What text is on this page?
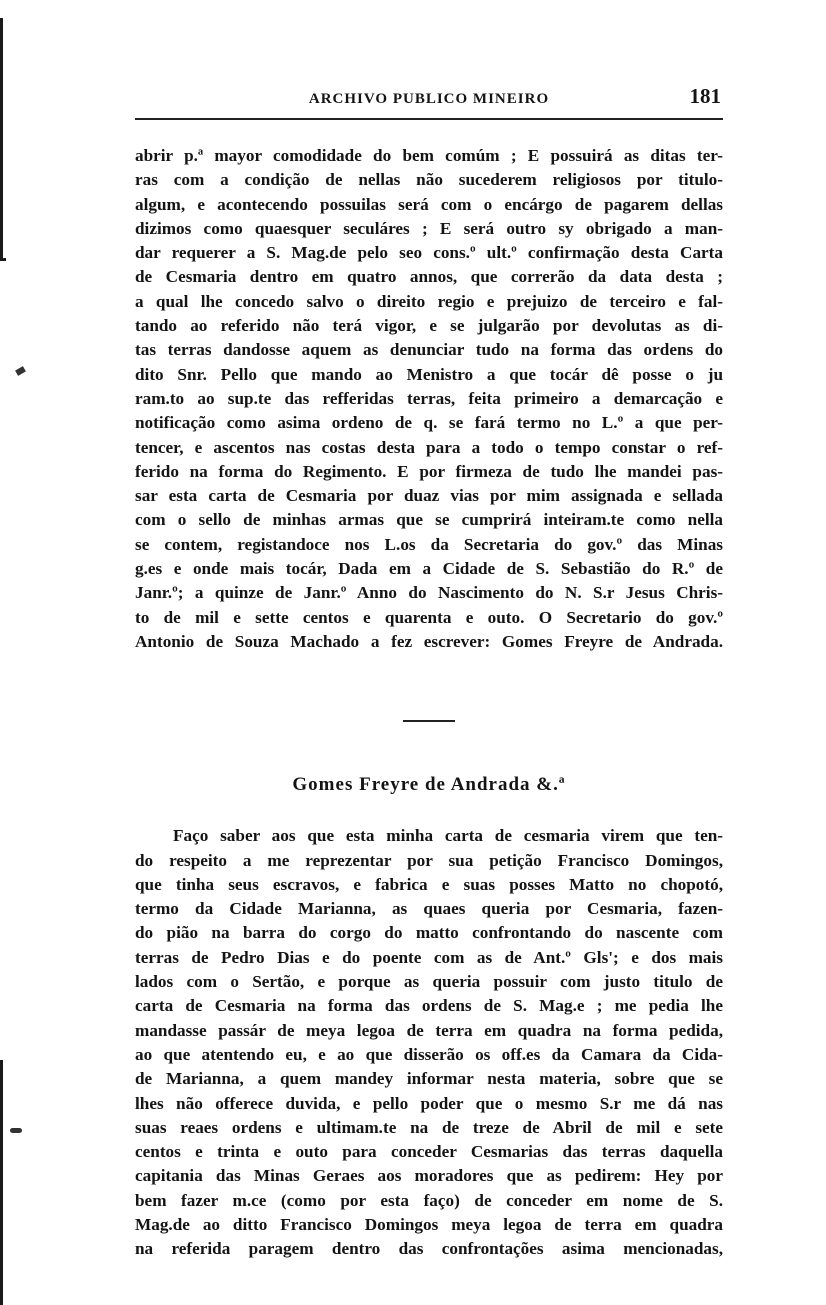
ARCHIVO PUBLICO MINEIRO	181
abrir p.ª mayor comodidade do bem comúm ; E possuirá as ditas ter-
ras com a condição de nellas não sucederem religiosos por titulo-
algum, e acontecendo possuilas será com o encárgo de pagarem dellas
dizimos como quaesquer seculáres ; E será outro sy obrigado a man-
dar requerer a S. Mag.de pelo seo cons.º ult.º confirmação desta Carta
de Cesmaria dentro em quatro annos, que correrão da data desta ;
a qual lhe concedo salvo o direito regio e prejuizo de terceiro e fal-
tando ao referido não terá vigor, e se julgarão por devolutas as di-
tas terras dandosse aquem as denunciar tudo na forma das ordens do
dito Snr. Pello que mando ao Menistro a que tocár dê posse o ju
ram.to ao sup.te das refferidas terras, feita primeiro a demarcação e
notificação como asima ordeno de q. se fará termo no L.º a que per-
tencer, e ascentos nas costas desta para a todo o tempo constar o ref-
ferido na forma do Regimento. E por firmeza de tudo lhe mandei pas-
sar esta carta de Cesmaria por duaz vias por mim assignada e sellada
com o sello de minhas armas que se cumprirá inteiram.te como nella
se contem, registandoce nos L.os da Secretaria do gov.º das Minas
g.es e onde mais tocár, Dada em a Cidade de S. Sebastião do R.º de
Janr.º; a quinze de Janr.º Anno do Nascimento do N. S.r Jesus Chris-
to de mil e sette centos e quarenta e outo. O Secretario do gov.º
Antonio de Souza Machado a fez escrever: Gomes Freyre de Andrada.
Gomes Freyre de Andrada &.ª
Faço saber aos que esta minha carta de cesmaria virem que ten-
do respeito a me reprezentar por sua petição Francisco Domingos,
que tinha seus escravos, e fabrica e suas posses Matto no chopotó,
termo da Cidade Marianna, as quaes queria por Cesmaria, fazen-
do pião na barra do corgo do matto confrontando do nascente com
terras de Pedro Dias e do poente com as de Ant.º Gls'; e dos mais
lados com o Sertão, e porque as queria possuir com justo titulo de
carta de Cesmaria na forma das ordens de S. Mag.e ; me pedia lhe
mandasse passár de meya legoa de terra em quadra na forma pedida,
ao que atentendo eu, e ao que disserão os off.es da Camara da Cida-
de Marianna, a quem mandey informar nesta materia, sobre que se
lhes não offerece duvida, e pello poder que o mesmo S.r me dá nas
suas reaes ordens e ultimam.te na de treze de Abril de mil e sete
centos e trinta e outo para conceder Cesmarias das terras daquella
capitania das Minas Geraes aos moradores que as pedirem: Hey por
bem fazer m.ce (como por esta faço) de conceder em nome de S.
Mag.de ao ditto Francisco Domingos meya legoa de terra em quadra
na referida paragem dentro das confrontações asima mencionadas,
